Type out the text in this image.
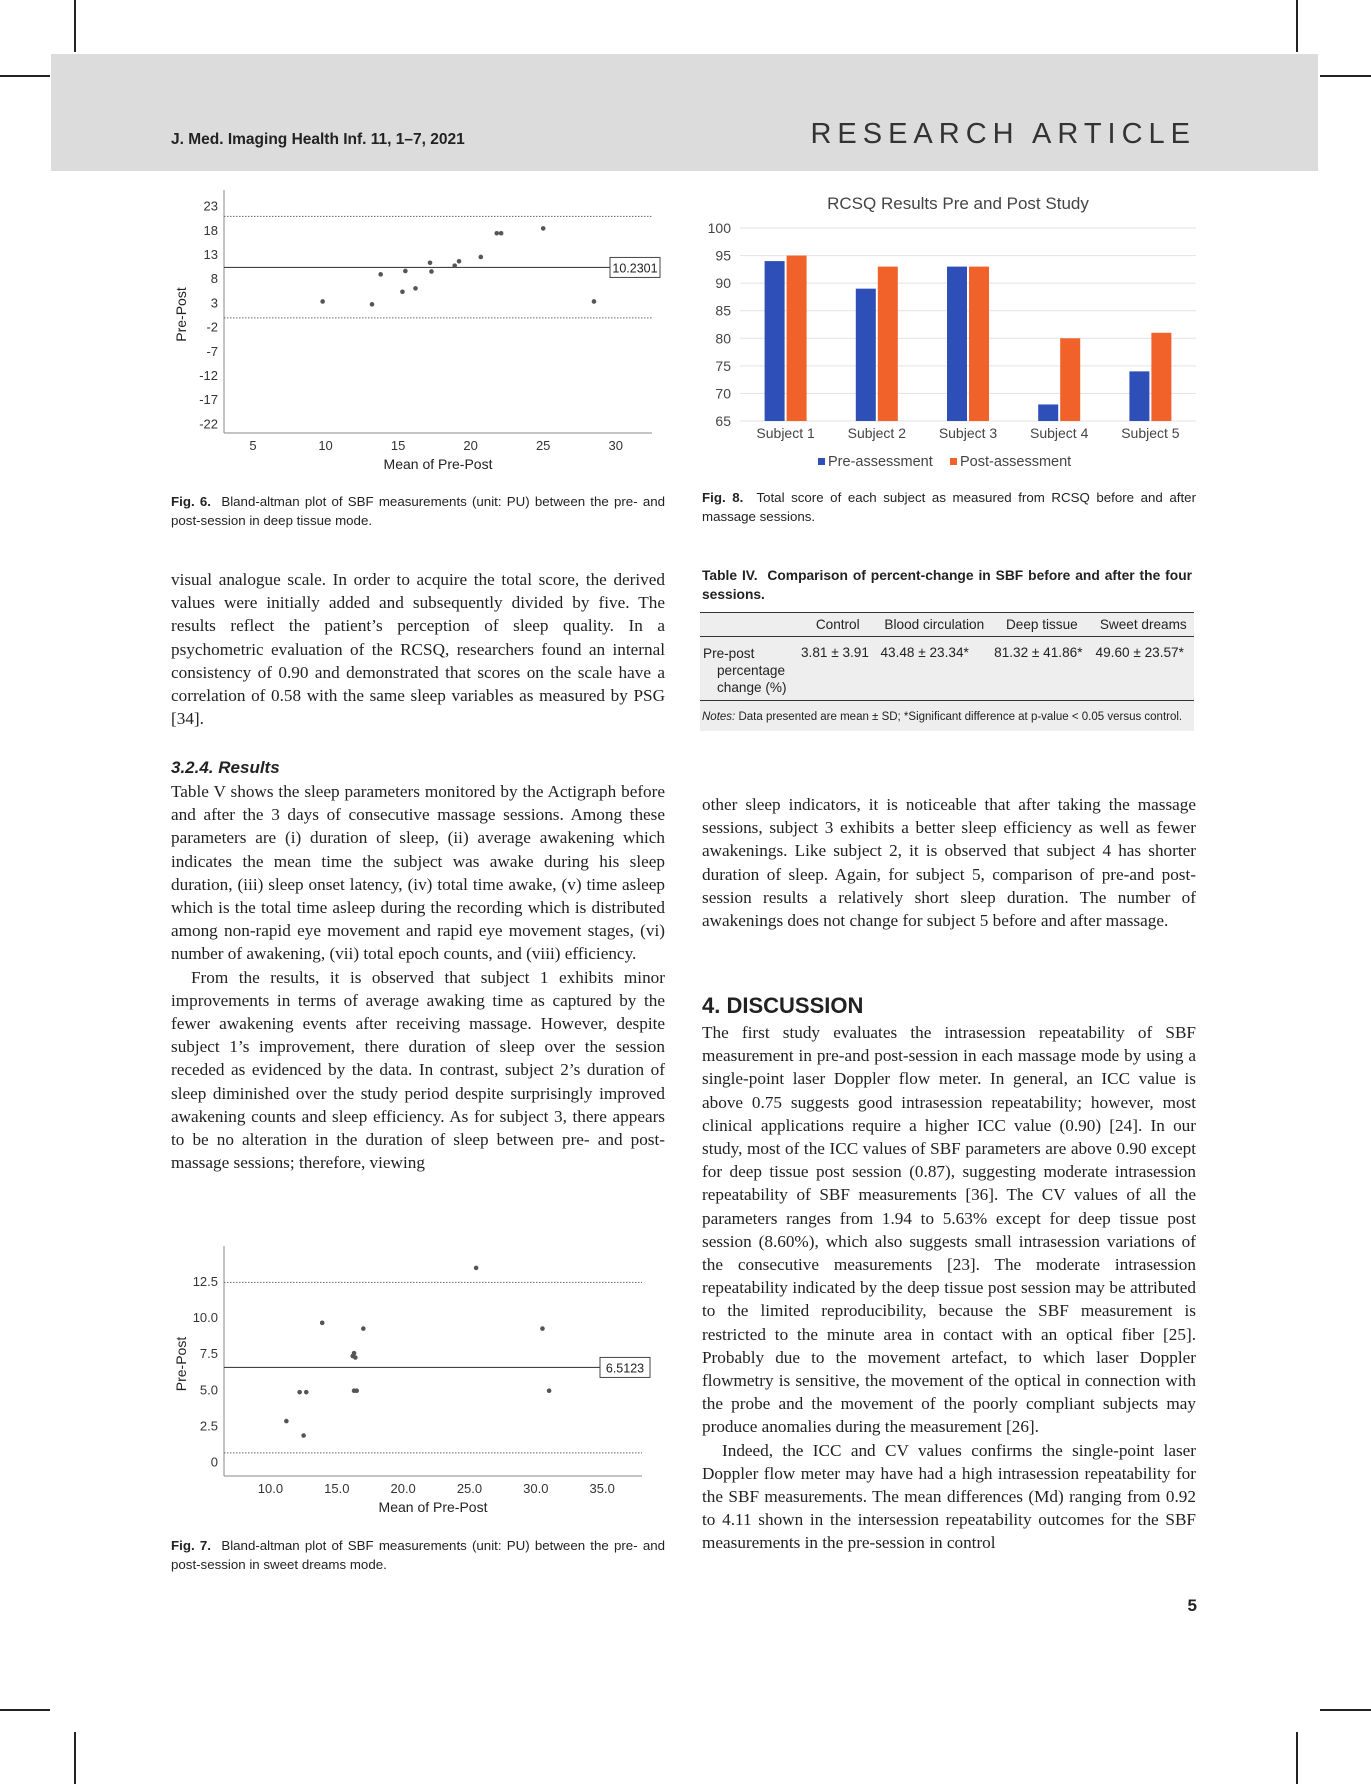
J. Med. Imaging Health Inf. 11, 1–7, 2021	RESEARCH ARTICLE
23
18
13
8
3
-2
-7
-12
-17
-22
5	10	15	20	25	30
10.2301
Mean of Pre-Post
Pre-Post

Fig. 6. Bland-altman plot of SBF measurements (unit: PU) between the pre- and post-session in deep tissue mode.

RCSQ Results Pre and Post Study
100
95
90
85
80
75
70
65
Subject 1 Subject 2 Subject 3 Subject 4 Subject 5
Pre-assessment Post-assessment

Fig. 8. Total score of each subject as measured from RCSQ before and after massage sessions.

visual analogue scale. In order to acquire the total score, the derived values were initially added and subsequently divided by five. The results reflect the patient’s perception of sleep quality. In a psychometric evaluation of the RCSQ, researchers found an internal consistency of 0.90 and demonstrated that scores on the scale have a correlation of 0.58 with the same sleep variables as measured by PSG [34].

3.2.4. Results

Table V shows the sleep parameters monitored by the Actigraph before and after the 3 days of consecutive massage sessions. Among these parameters are (i) duration of sleep, (ii) average awakening which indicates the mean time the subject was awake during his sleep duration, (iii) sleep onset latency, (iv) total time awake, (v) time asleep which is the total time asleep during the recording which is distributed among non-rapid eye movement and rapid eye movement stages, (vi) number of awakening, (vii) total epoch counts, and (viii) efficiency.

From the results, it is observed that subject 1 exhibits minor improvements in terms of average awaking time as captured by the fewer awakening events after receiving massage. However, despite subject 1’s improvement, there duration of sleep over the session receded as evidenced by the data. In contrast, subject 2’s duration of sleep diminished over the study period despite surprisingly improved awakening counts and sleep efficiency. As for subject 3, there appears to be no alteration in the duration of sleep between pre- and post-massage sessions; therefore, viewing

Table IV. Comparison of percent-change in SBF before and after the four sessions.

	Control	Blood circulation	Deep tissue	Sweet dreams

Pre-post
percentage
change (%)	3.81 ± 3.91	43.48 ± 23.34*	81.32 ± 41.86*	49.60 ± 23.57*

Notes: Data presented are mean ± SD; *Significant difference at p-value < 0.05 versus control.

other sleep indicators, it is noticeable that after taking the massage sessions, subject 3 exhibits a better sleep efficiency as well as fewer awakenings. Like subject 2, it is observed that subject 4 has shorter duration of sleep. Again, for subject 5, comparison of pre-and post-session results a relatively short sleep duration. The number of awakenings does not change for subject 5 before and after massage.

4. DISCUSSION

The first study evaluates the intrasession repeatability of SBF measurement in pre-and post-session in each massage mode by using a single-point laser Doppler flow meter. In general, an ICC value is above 0.75 suggests good intrasession repeatability; however, most clinical applications require a higher ICC value (0.90) [24]. In our study, most of the ICC values of SBF parameters are above 0.90 except for deep tissue post session (0.87), suggesting moderate intrasession repeatability of SBF measurements [36]. The CV values of all the parameters ranges from 1.94 to 5.63% except for deep tissue post session (8.60%), which also suggests small intrasession variations of the consecutive measurements [23]. The moderate intrasession repeatability indicated by the deep tissue post session may be attributed to the limited reproducibility, because the SBF measurement is restricted to the minute area in contact with an optical fiber [25]. Probably due to the movement artefact, to which laser Doppler flowmetry is sensitive, the movement of the optical in connection with the probe and the movement of the poorly compliant subjects may produce anomalies during the measurement [26].

Indeed, the ICC and CV values confirms the single-point laser Doppler flow meter may have had a high intrasession repeatability for the SBF measurements. The mean differences (Md) ranging from 0.92 to 4.11 shown in the intersession repeatability outcomes for the SBF measurements in the pre-session in control

12.5
10.0
7.5
5.0
2.5
0
10.0	15.0	20.0	25.0	30.0	35.0
6.5123
Mean of Pre-Post
Pre-Post

Fig. 7. Bland-altman plot of SBF measurements (unit: PU) between the pre- and post-session in sweet dreams mode.

5
